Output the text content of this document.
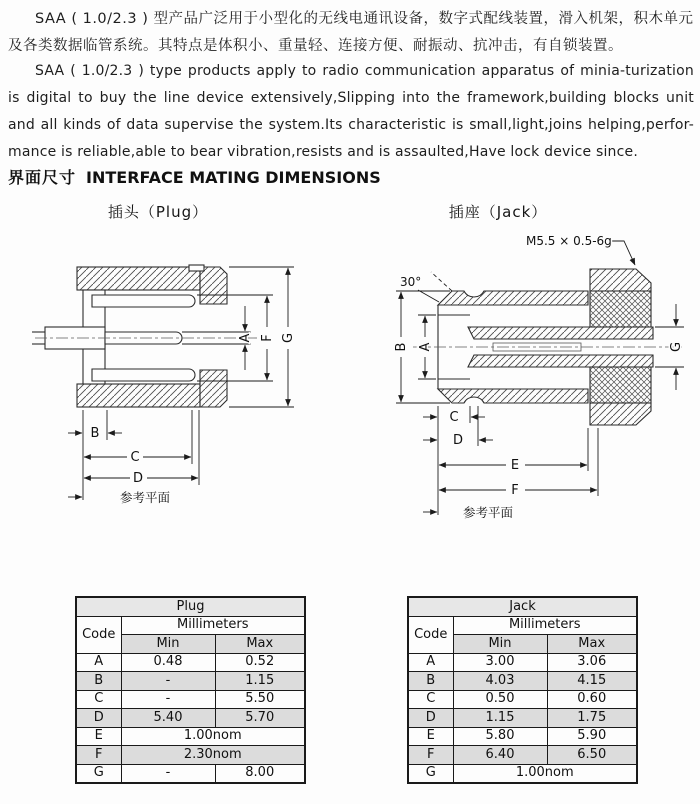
SAA ( 1.0/2.3 ) 型产品广泛用于小型化的无线电通讯设备，数字式配线装置，滑入机架，积木单元及各类数据临管系统。其特点是体积小、重量轻、连接方便、耐振动、抗冲击，有自锁装置。

SAA ( 1.0/2.3 ) type products apply to radio communication apparatus of minia-turization is digital to buy the line device extensively,Slipping into the framework,building blocks unit and all kinds of data supervise the system.Its characteristic is small,light,joins helping,perfor-mance is reliable,able to bear vibration,resists and is assaulted,Have lock device since.

界面尺寸 INTERFACE MATING DIMENSIONS
插头（Plug）	插座（Jack）
A F G
B
C
D
参考平面
M5.5 × 0.5-6g
30°
B A	G
C
D
E
F
参考平面
Plug		
Code	Millimeters	
	Min	Max
A	0.48	0.52
B	-	1.15
C	-	5.50
D	5.40	5.70
E	1.00nom	
F	2.30nom	
G	-	8.00
Jack		
Code	Millimeters	
	Min	Max
A	3.00	3.06
B	4.03	4.15
C	0.50	0.60
D	1.15	1.75
E	5.80	5.90
F	6.40	6.50
G	1.00nom	
